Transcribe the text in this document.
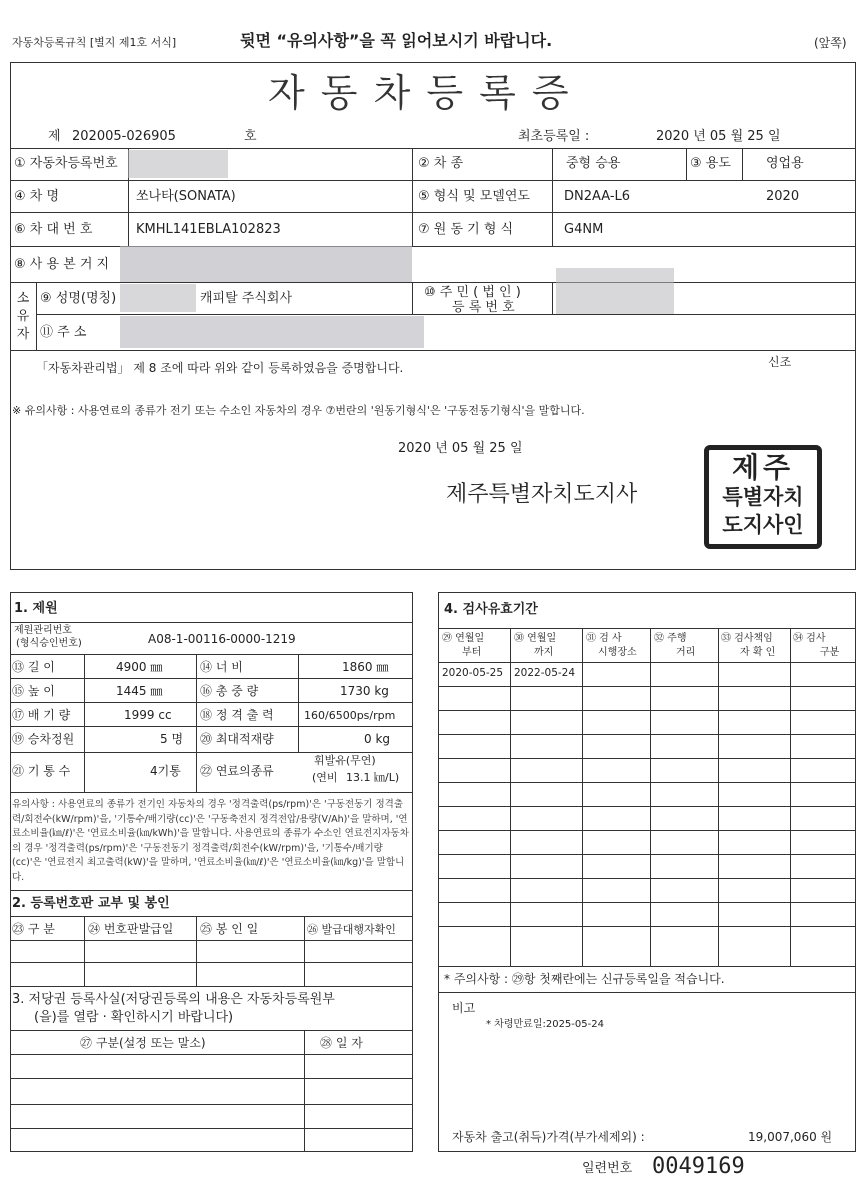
자동차등록규칙 [별지 제1호 서식]	뒷면 “유의사항”을 꼭 읽어보시기 바랍니다.	(앞쪽)
자 동 차 등 록 증
제 202005-026905	호	최초등록일 :	2020 년 05 월 25 일
① 자동차등록번호	② 차 종	중형 승용	③ 용도	영업용
④ 차 명	쏘나타(SONATA)	⑤ 형식 및 모델연도	DN2AA-L6	2020
⑥ 차 대 번 호	KMHL141EBLA102823	⑦ 원 동 기 형 식	G4NM
⑧ 사 용 본 거 지
소유자
⑨ 성명(명칭)	캐피탈 주식회사	⑩ 주 민 ( 법 인 )
등 록 번 호
⑪ 주 소
「자동차관리법」 제 8 조에 따라 위와 같이 등록하였음을 증명합니다.	신조
※ 유의사항 : 사용연료의 종류가 전기 또는 수소인 자동차의 경우 ⑦번란의 '원동기형식'은 '구동전동기형식'을 말합니다.
2020 년 05 월 25 일
제주특별자치도지사
제주
특별자치
도지사인
1. 제원
제원관리번호
(형식승인번호)	A08-1-00116-0000-1219
⑬ 길 이	4900 ㎜	⑭ 너 비	1860 ㎜
⑮ 높 이	1445 ㎜	⑯ 총 중 량	1730 kg
⑰ 배 기 량	1999 cc ⑱ 정 격 출 력	160/6500ps/rpm
⑲ 승차정원	5 명 ⑳ 최대적재량	0 kg
㉑ 기 통 수	4기통 ㉒ 연료의종류
휘발유(무연)
(연비 13.1 ㎞/L)
유의사항 : 사용연료의 종류가 전기인 자동차의 경우 '정격출력(ps/rpm)'은 '구동전동기 정격출력/회전수(kW/rpm)'을, '기통수/배기량(cc)'은 '구동축전지 정격전압/용량(V/Ah)'을 말하며, '연료소비율(㎞/ℓ)'은 '연료소비율(㎞/kWh)'을 말합니다. 사용연료의 종류가 수소인 연료전지자동차의 경우 '정격출력(ps/rpm)'은 '구동전동기 정격출력/회전수(kW/rpm)'을, '기통수/배기량(cc)'은 '연료전지 최고출력(kW)'을 말하며, '연료소비율(㎞/ℓ)'은 '연료소비율(㎞/kg)'을 말합니다.
2. 등록번호판 교부 및 봉인
㉓ 구 분	㉔ 번호판발급일 ㉕ 봉 인 일	㉖ 발급대행자확인
3. 저당권 등록사실(저당권등록의 내용은 자동차등록원부
(을)를 열람 · 확인하시기 바랍니다)
㉗ 구분(설정 또는 말소)	㉘ 일 자
4. 검사유효기간
㉙ 연월일
부터
㉚ 연월일
까지
㉛ 검 사
시행장소
㉜ 주행
거리
㉝ 검사책임
자 확 인
㉞ 검사
구분
2020-05-25 2022-05-24
* 주의사항 : ㉙항 첫째란에는 신규등록일을 적습니다.
비고
* 차령만료일:2025-05-24
자동차 출고(취득)가격(부가세제외) :	19,007,060 원
일련번호 0049169
